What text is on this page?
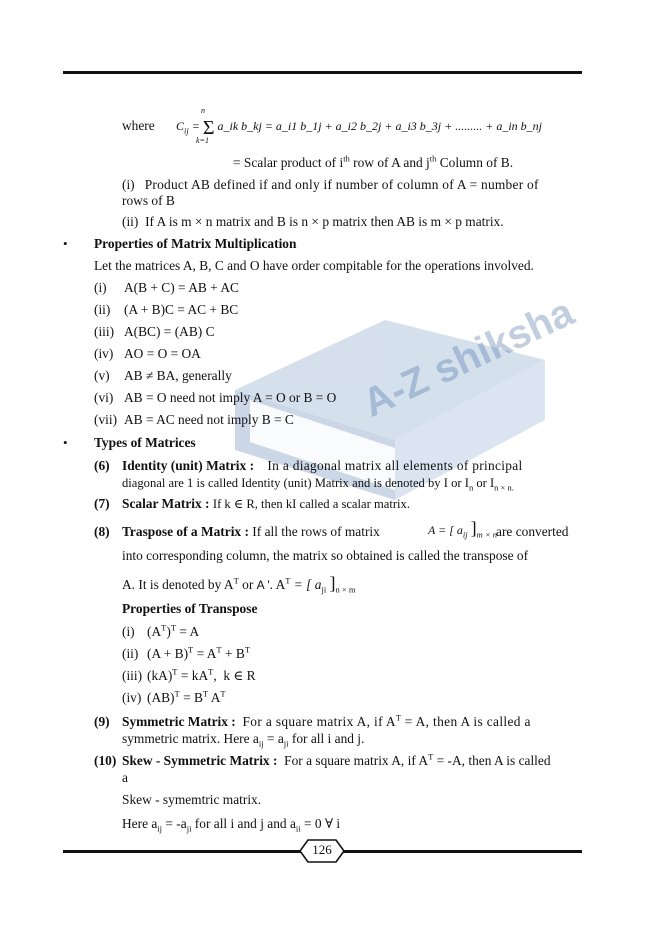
A-Z shiksha
where $C_{ij} = \Sigma$ a_ik b_kj = a_i1 b_1j + a_i2 b_2j + a_i3 b_3j + ......... + a_in b_nj
n
k=1
= Scalar product of $i^{th}$ row of A and $j^{th}$ Column of B.
(i) Product AB defined if and only if number of column of A = number of
rows of B
(ii) If A is m × n matrix and B is n × p matrix then AB is m × p matrix.
• Properties of Matrix Multiplication
Let the matrices A, B, C and O have order compitable for the operations involved.
(i) A(B + C) = AB + AC
(ii) (A + B)C = AC + BC
(iii) A(BC) = (AB) C
(iv) AO = O = OA
(v) AB ≠ BA, generally
(vi) AB = O need not imply A = O or B = O
(vii) AB = AC need not imply B = C
• Types of Matrices
(6) Identity (unit) Matrix : In a diagonal matrix all elements of principal
diagonal are 1 is called Identity (unit) Matrix and is denoted by I or $I_n$ or $I_{n \times n.}$
(7) Scalar Matrix : If k ∈ R, then kI called a scalar matrix.
(8) Traspose of a Matrix : If all the rows of matrix	A = [ $a_{ij}$ ]$_{m \times n}$ are converted
into corresponding column, the matrix so obtained is called the transpose of
A. It is denoted by $A^T$ or A '. $A^T$ = [ $a_{ji}$ ]$_{n \times m}$
Properties of Transpose
(i) $(A^T)^T = A$
(ii) $(A + B)^T = A^T + B^T$
(iii) $(kA)^T = kA^T$,  k ∈ R
(iv) $(AB)^T = B^T$ $A^T$
(9) Symmetric Matrix : For a square matrix A, if $A^T = A$, then A is called a
symmetric matrix. Here $a_{ij} = a_{ji}$ for all i and j.
(10) Skew - Symmetric Matrix : For a square matrix A, if $A^T = -A$, then A is called
a
Skew - symemtric matrix.
Here $a_{ij} = -a_{ji}$ for all i and j and $a_{ii} = 0$ ∀ i
126
